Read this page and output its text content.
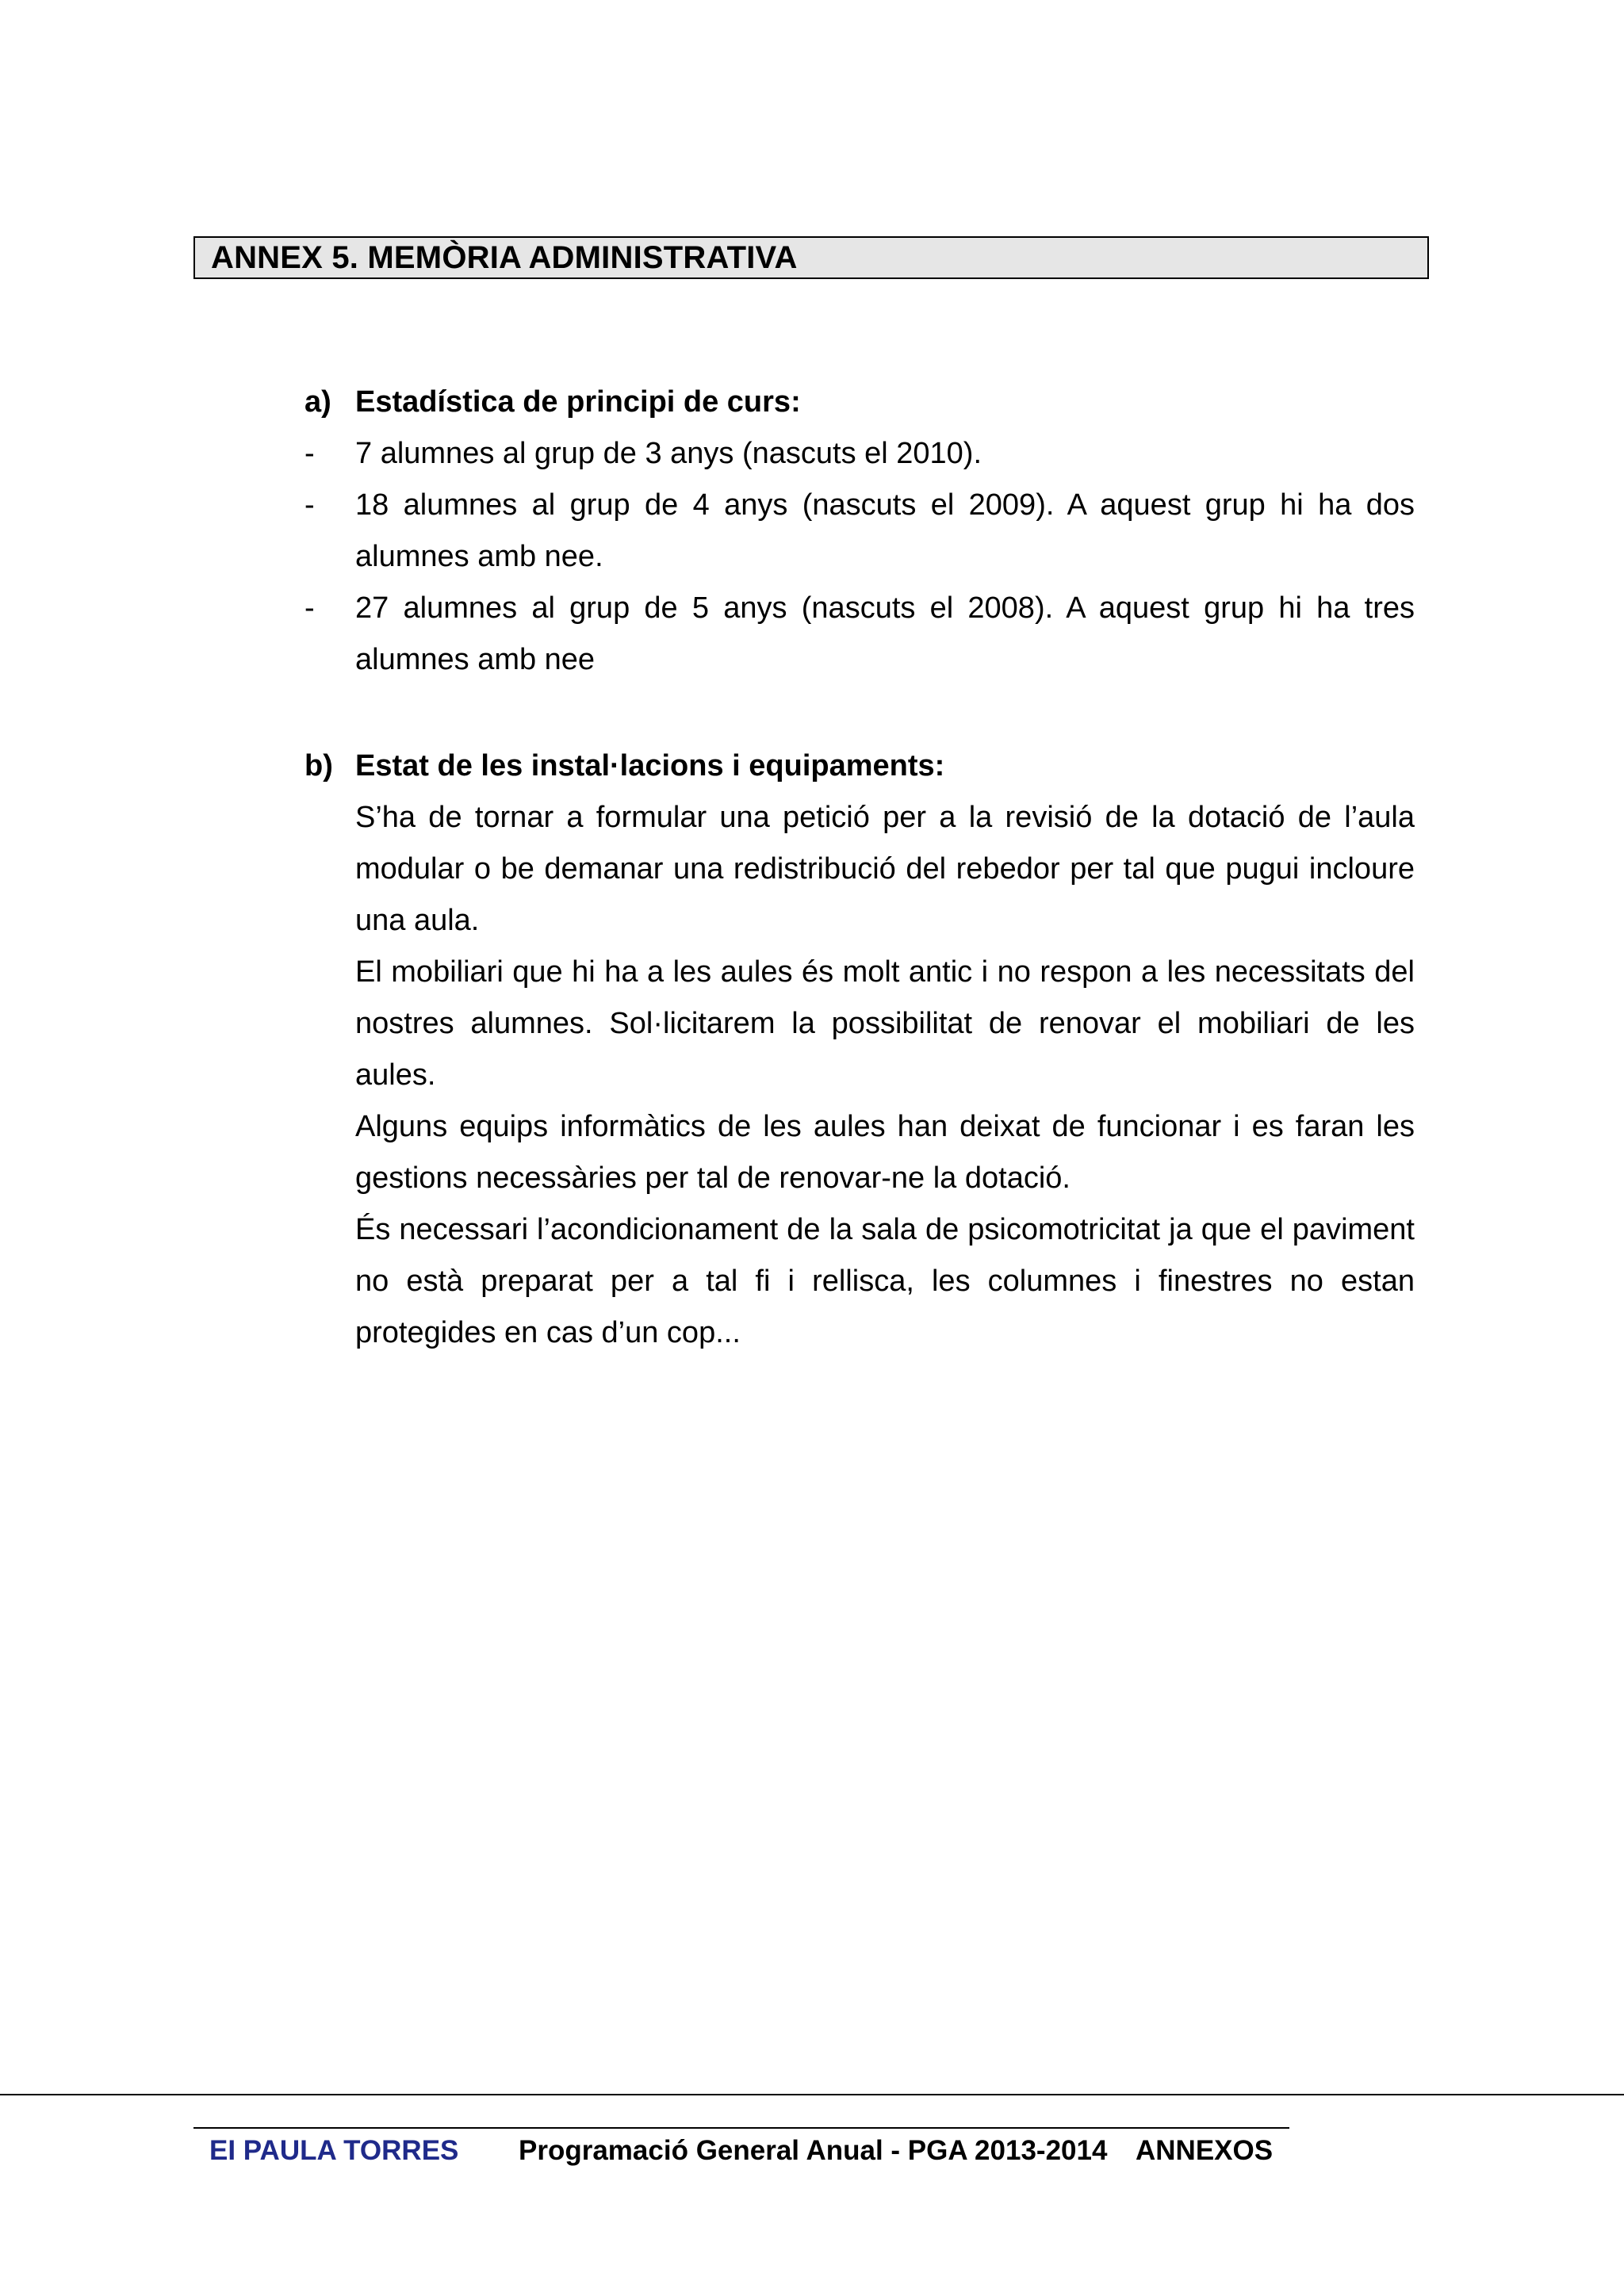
ANNEX 5. MEMÒRIA ADMINISTRATIVA
a) Estadística de principi de curs:
-	7 alumnes al grup de 3 anys (nascuts el 2010).
-	18 alumnes al grup de 4 anys (nascuts el 2009). A aquest grup hi ha dos alumnes amb nee.
-	27 alumnes al grup de 5 anys (nascuts el 2008). A aquest grup hi ha tres alumnes amb nee
b) Estat de les instal·lacions i equipaments:
S’ha de tornar a formular una petició per a la revisió de la dotació de l’aula modular o be demanar una redistribució del rebedor per tal que pugui incloure una aula.
El mobiliari que hi ha a les aules és molt antic i no respon a les necessitats del nostres alumnes. Sol·licitarem la possibilitat de renovar el mobiliari de les aules.
Alguns equips informàtics de les aules han deixat de funcionar i es faran les gestions necessàries per tal de renovar-ne la dotació.
És necessari l’acondicionament de la sala de psicomotricitat ja que el paviment no està preparat per a tal fi i rellisca, les columnes i finestres no estan protegides en cas d’un cop...
EI PAULA TORRES	Programació General Anual - PGA 2013-2014	ANNEXOS
